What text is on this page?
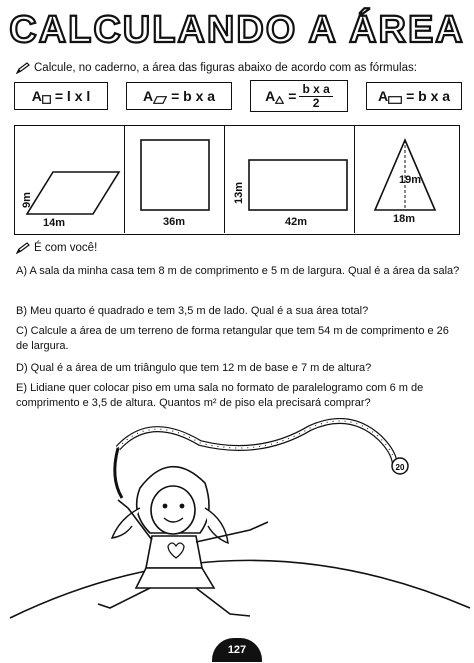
CALCULANDO A ÁREA
Calcule, no caderno, a área das figuras abaixo de acordo com as fórmulas:
A = l x l	A = b x a	$A = \frac{\text{b x a}}{2}$	A = b x a
9m
14m	36m
13m
42m
19m
18m
É com você!
A) A sala da minha casa tem 8 m de comprimento e 5 m de largura. Qual é a área da sala?
B) Meu quarto é quadrado e tem 3,5 m de lado. Qual é a sua área total?
C) Calcule a área de um terreno de forma retangular que tem 54 m de comprimento e 26 de largura.
D) Qual é a área de um triângulo que tem 12 m de base e 7 m de altura?
E) Lidiane quer colocar piso em uma sala no formato de paralelogramo com 6 m de comprimento e 3,5 de altura. Quantos m² de piso ela precisará comprar?
20
127
